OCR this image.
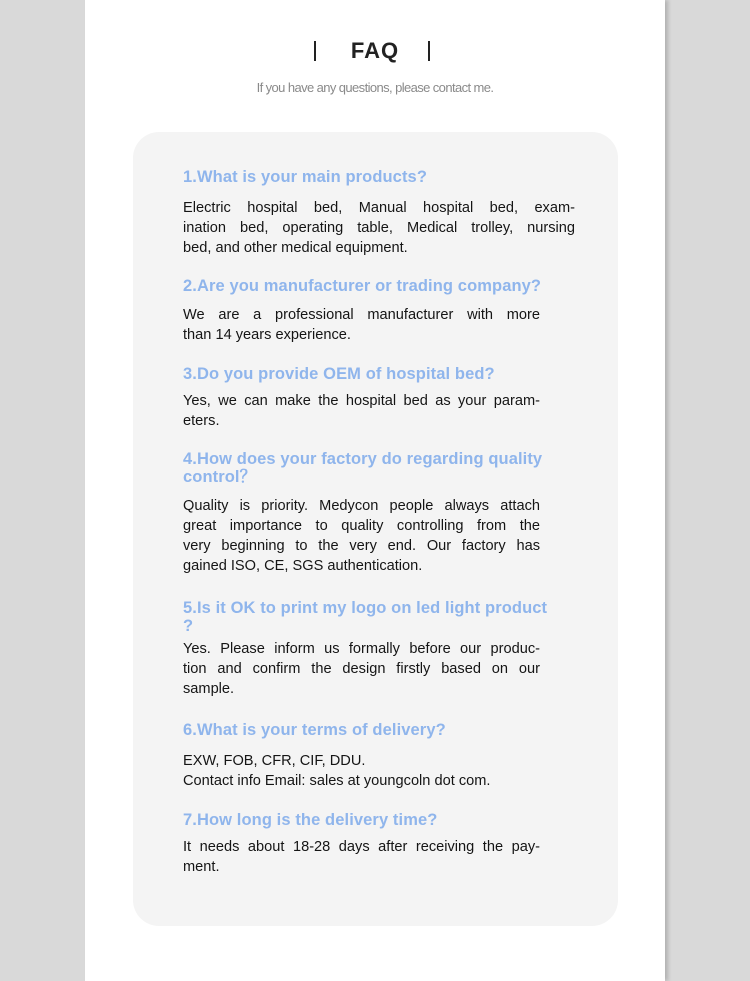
FAQ
If you have any questions, please contact me.

1.What is your main products?

Electric hospital bed, Manual hospital bed, exam-

ination bed, operating table, Medical trolley, nursing

bed, and other medical equipment.

2.Are you manufacturer or trading company?

We are a professional manufacturer with more

than 14 years experience.

3.Do you provide OEM of hospital bed?

Yes, we can make the hospital bed as your param-

eters.

4.How does your factory do regarding quality

control？

Quality is priority. Medycon people always attach

great importance to quality controlling from the

very beginning to the very end. Our factory has

gained ISO, CE, SGS authentication.

5.Is it OK to print my logo on led light product

?

Yes. Please inform us formally before our produc-

tion and confirm the design firstly based on our

sample.

6.What is your terms of delivery?

EXW, FOB, CFR, CIF, DDU.

Contact info Email: sales at youngcoln dot com.

7.How long is the delivery time?

It needs about 18-28 days after receiving the pay-

ment.
